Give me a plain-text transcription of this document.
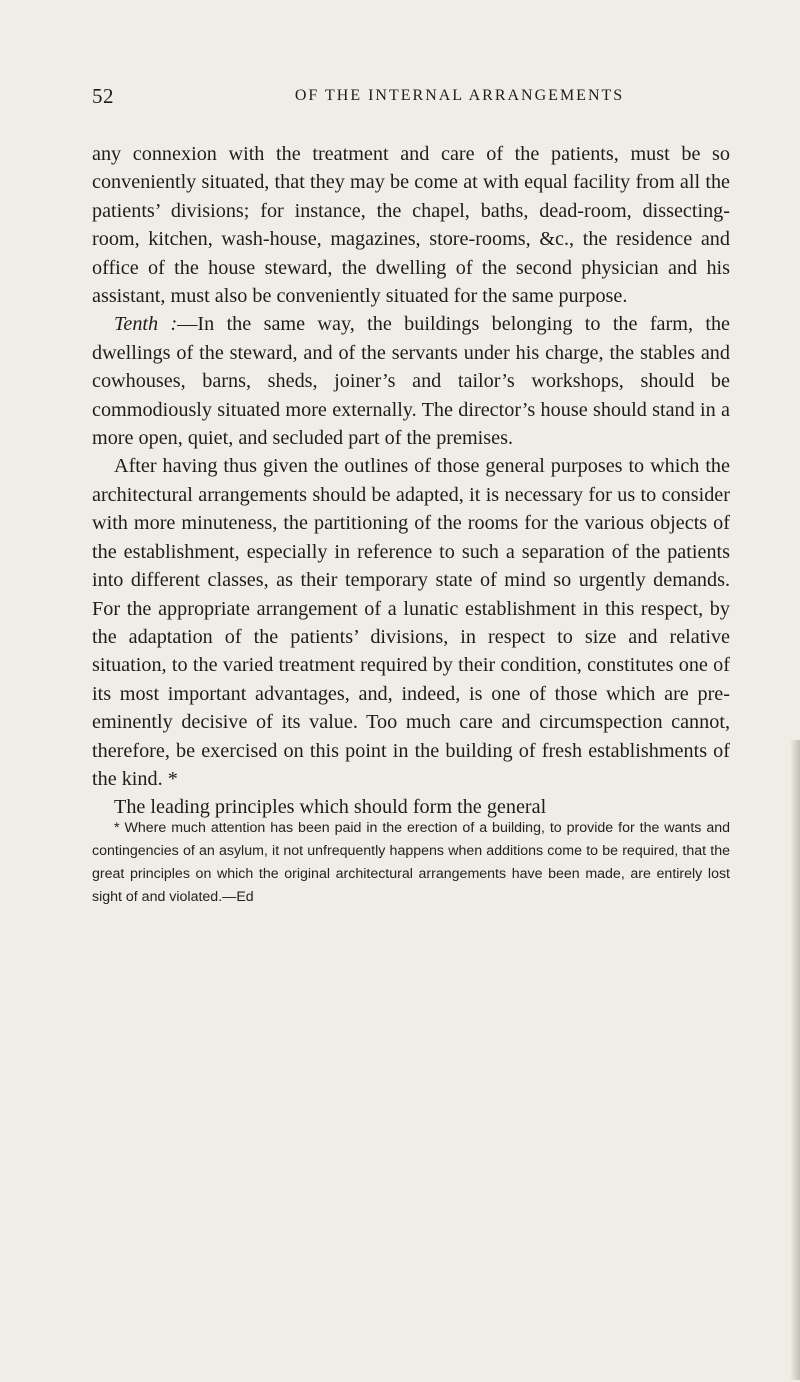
52	OF THE INTERNAL ARRANGEMENTS

any connexion with the treatment and care of the patients, must be so conveniently situated, that they may be come at with equal facility from all the patients’ divisions; for instance, the chapel, baths, dead-room, dissecting-room, kitchen, wash-house, magazines, store-rooms, &c., the residence and office of the house steward, the dwelling of the second physician and his assistant, must also be conveniently situated for the same purpose.

Tenth :—In the same way, the buildings belonging to the farm, the dwellings of the steward, and of the servants under his charge, the stables and cowhouses, barns, sheds, joiner’s and tailor’s workshops, should be commodiously situated more externally. The director’s house should stand in a more open, quiet, and secluded part of the premises.

After having thus given the outlines of those general purposes to which the architectural arrangements should be adapted, it is necessary for us to consider with more minuteness, the partitioning of the rooms for the various objects of the establishment, especially in reference to such a separation of the patients into different classes, as their temporary state of mind so urgently demands. For the appropriate arrangement of a lunatic establishment in this respect, by the adaptation of the patients’ divisions, in respect to size and relative situation, to the varied treatment required by their condition, constitutes one of its most important advantages, and, indeed, is one of those which are pre-eminently decisive of its value. Too much care and circumspection cannot, therefore, be exercised on this point in the building of fresh establishments of the kind. *

The leading principles which should form the general

* Where much attention has been paid in the erection of a building, to provide for the wants and contingencies of an asylum, it not unfrequently happens when additions come to be required, that the great principles on which the original architectural arrangements have been made, are entirely lost sight of and violated.—Ed
